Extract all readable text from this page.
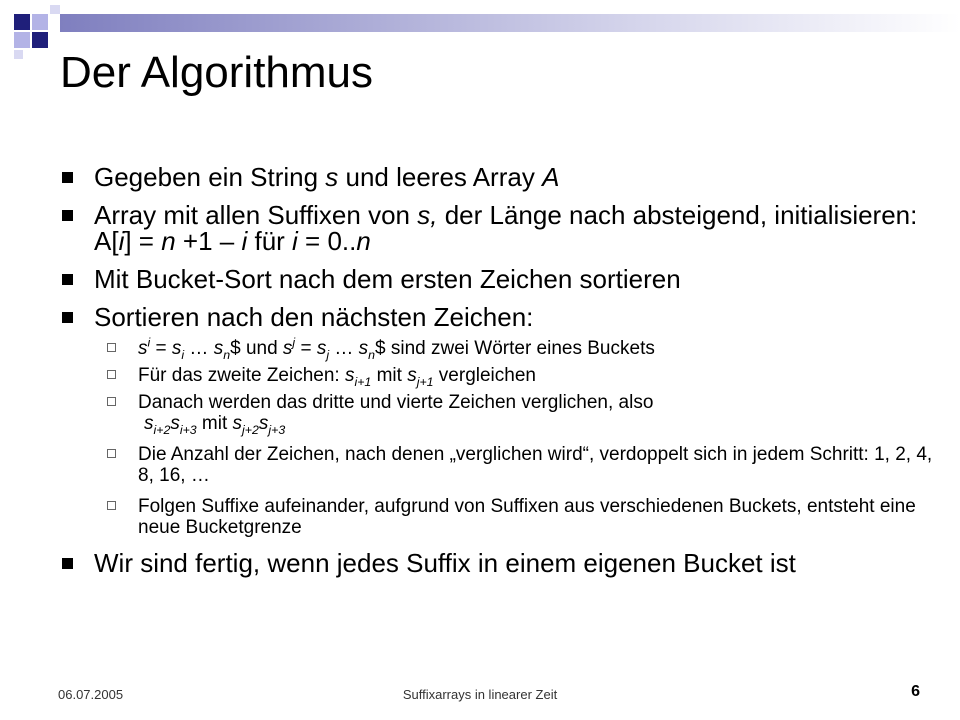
Der Algorithmus
Gegeben ein String s und leeres Array A
Array mit allen Suffixen von s, der Länge nach absteigend, initialisieren: A[i] = n +1 – i für i = 0..n
Mit Bucket-Sort nach dem ersten Zeichen sortieren
Sortieren nach den nächsten Zeichen:
$s^i = s_i$ … $s_n\$$ und $s^j = s_j$ … $s_n\$$ sind zwei Wörter eines Buckets
Für das zweite Zeichen: $s_{i+1}$ mit $s_{j+1}$ vergleichen
Danach werden das dritte und vierte Zeichen verglichen, also
$s_{i+2}s_{i+3}$ mit $s_{j+2}s_{j+3}$
Die Anzahl der Zeichen, nach denen „verglichen wird“, verdoppelt sich in jedem Schritt: 1, 2, 4, 8, 16, …
Folgen Suffixe aufeinander, aufgrund von Suffixen aus verschiedenen Buckets, entsteht eine neue Bucketgrenze
Wir sind fertig, wenn jedes Suffix in einem eigenen Bucket ist
06.07.2005	Suffixarrays in linearer Zeit	6
